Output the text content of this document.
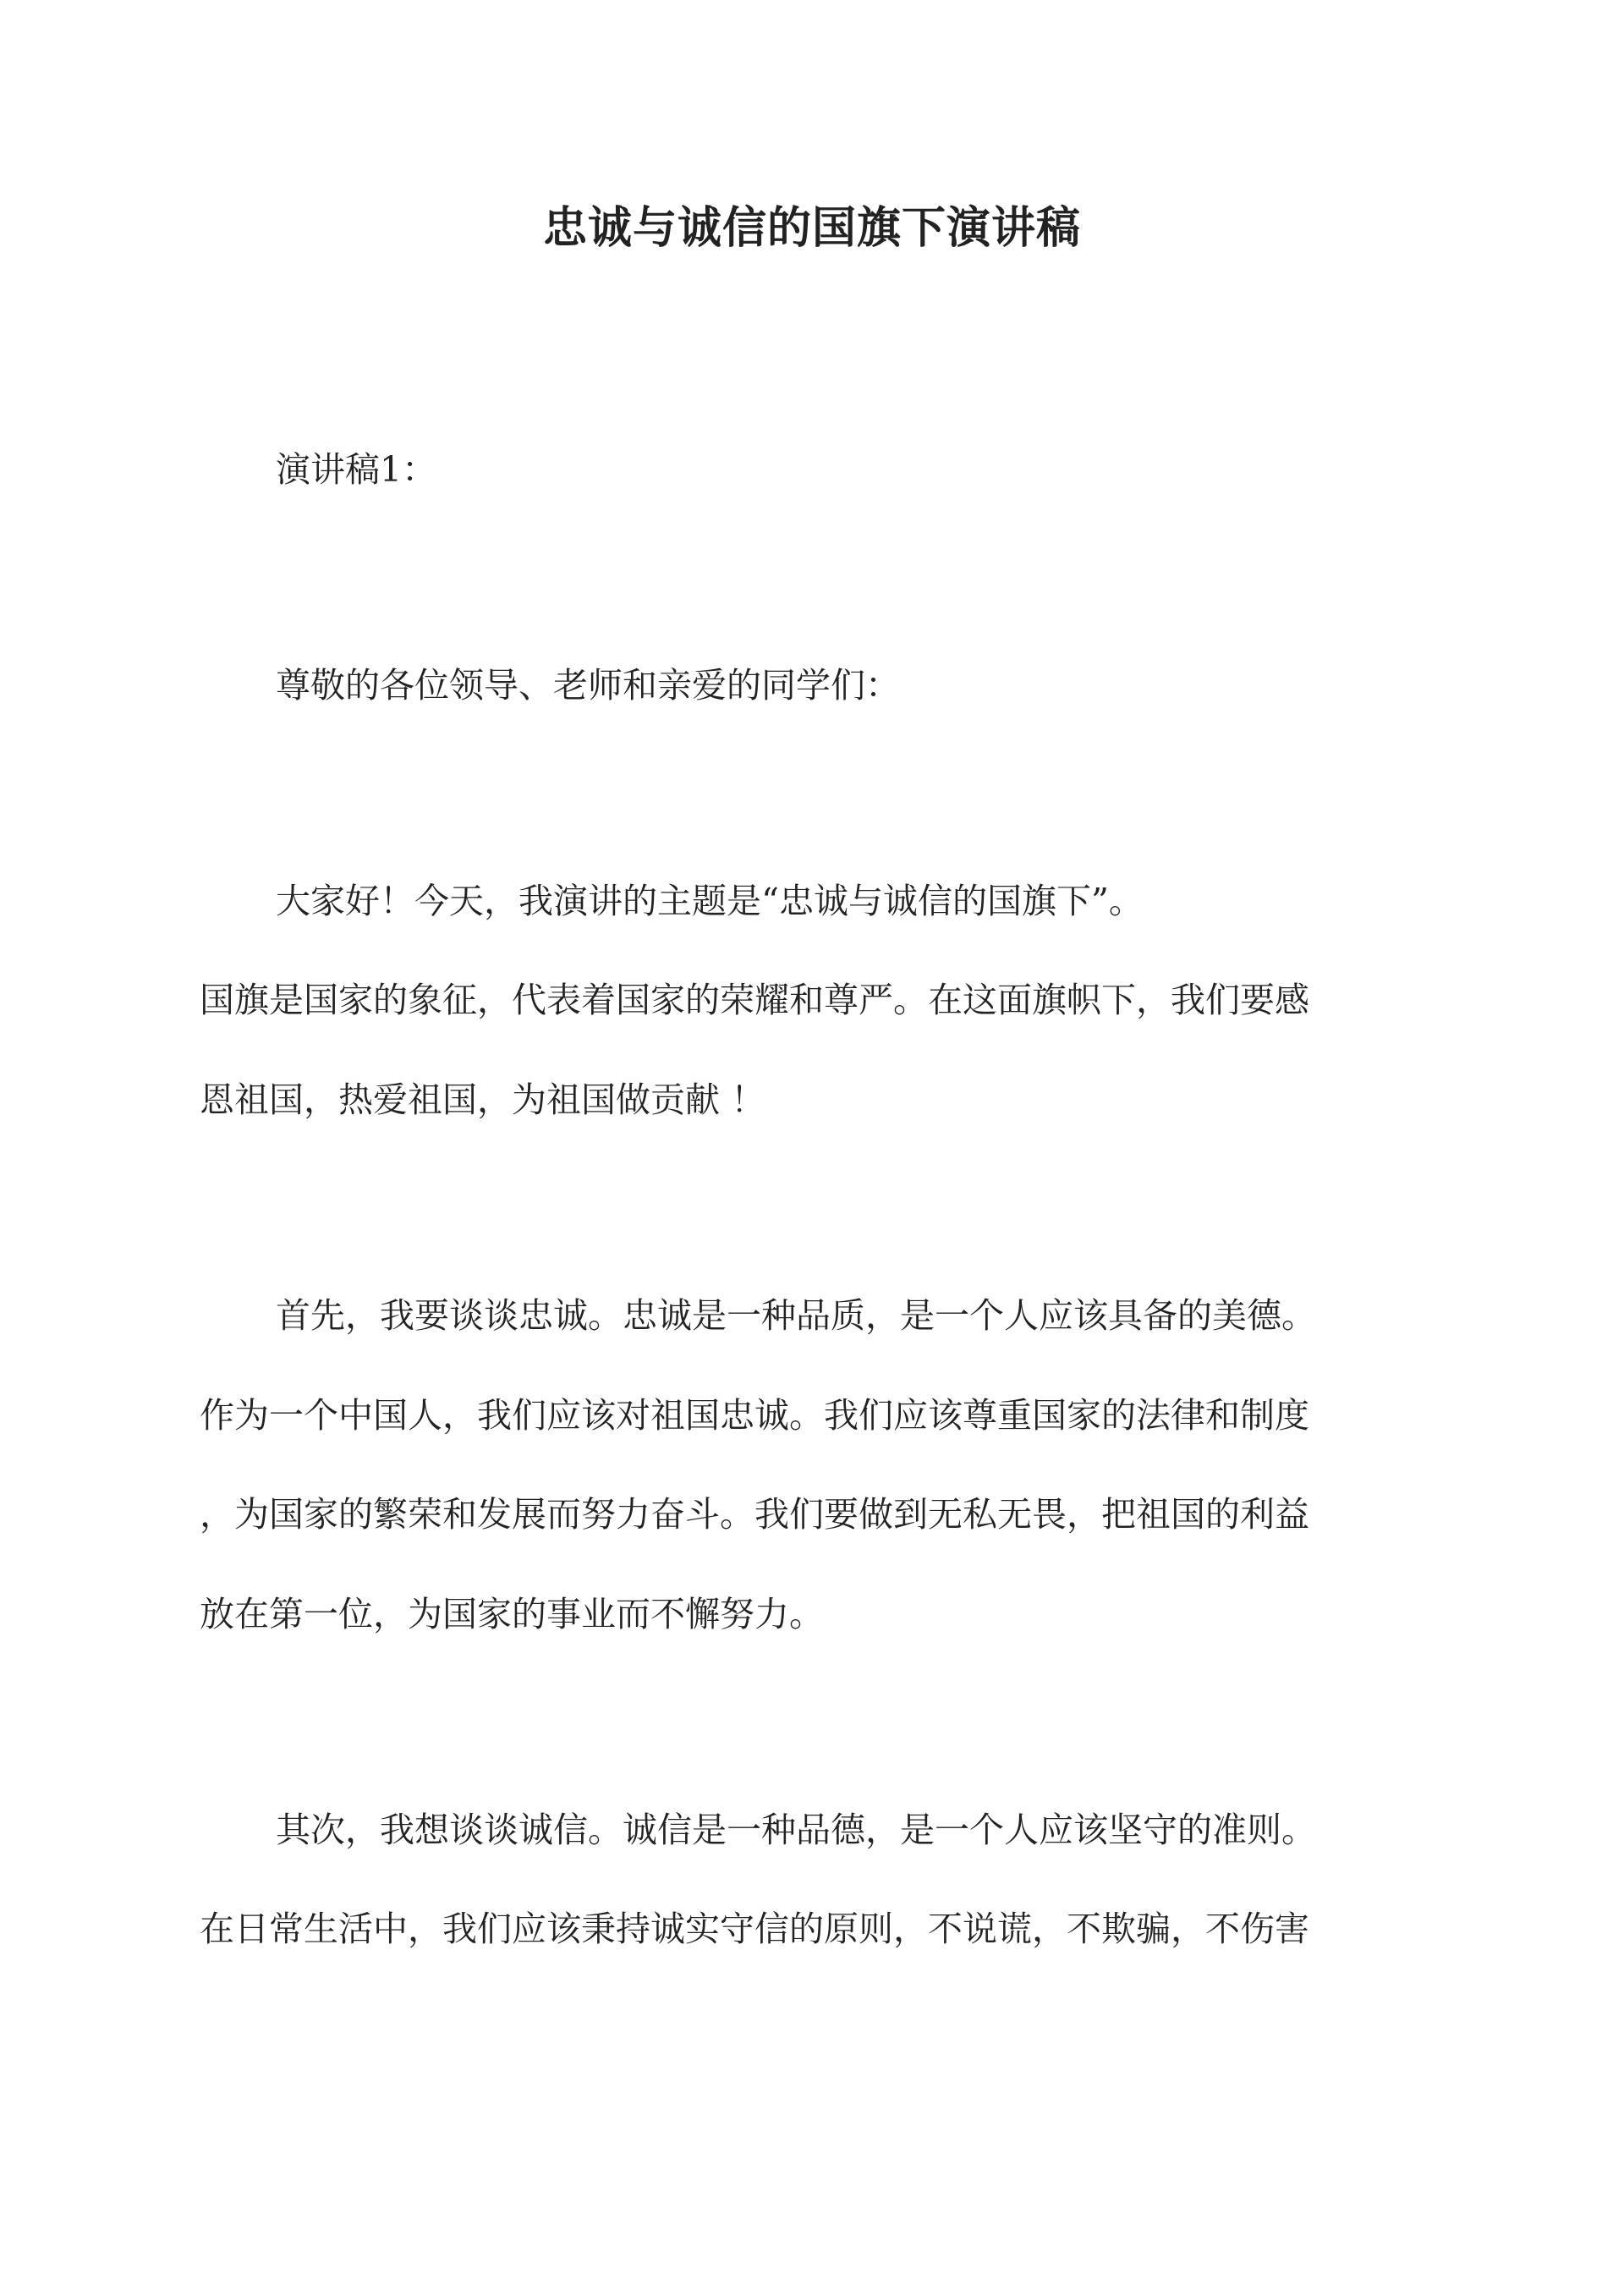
忠诚与诚信的国旗下演讲稿

演讲稿1：

尊敬的各位领导、老师和亲爱的同学们：

大家好！今天，我演讲的主题是“忠诚与诚信的国旗下”。

国旗是国家的象征，代表着国家的荣耀和尊严。在这面旗帜下，我们要感

恩祖国，热爱祖国，为祖国做贡献 ！

首先，我要谈谈忠诚。忠诚是一种品质，是一个人应该具备的美德。

作为一个中国人，我们应该对祖国忠诚。我们应该尊重国家的法律和制度

，为国家的繁荣和发展而努力奋斗。我们要做到无私无畏，把祖国的利益

放在第一位，为国家的事业而不懈努力。

其次，我想谈谈诚信。诚信是一种品德，是一个人应该坚守的准则。

在日常生活中，我们应该秉持诚实守信的原则，不说谎，不欺骗，不伤害
